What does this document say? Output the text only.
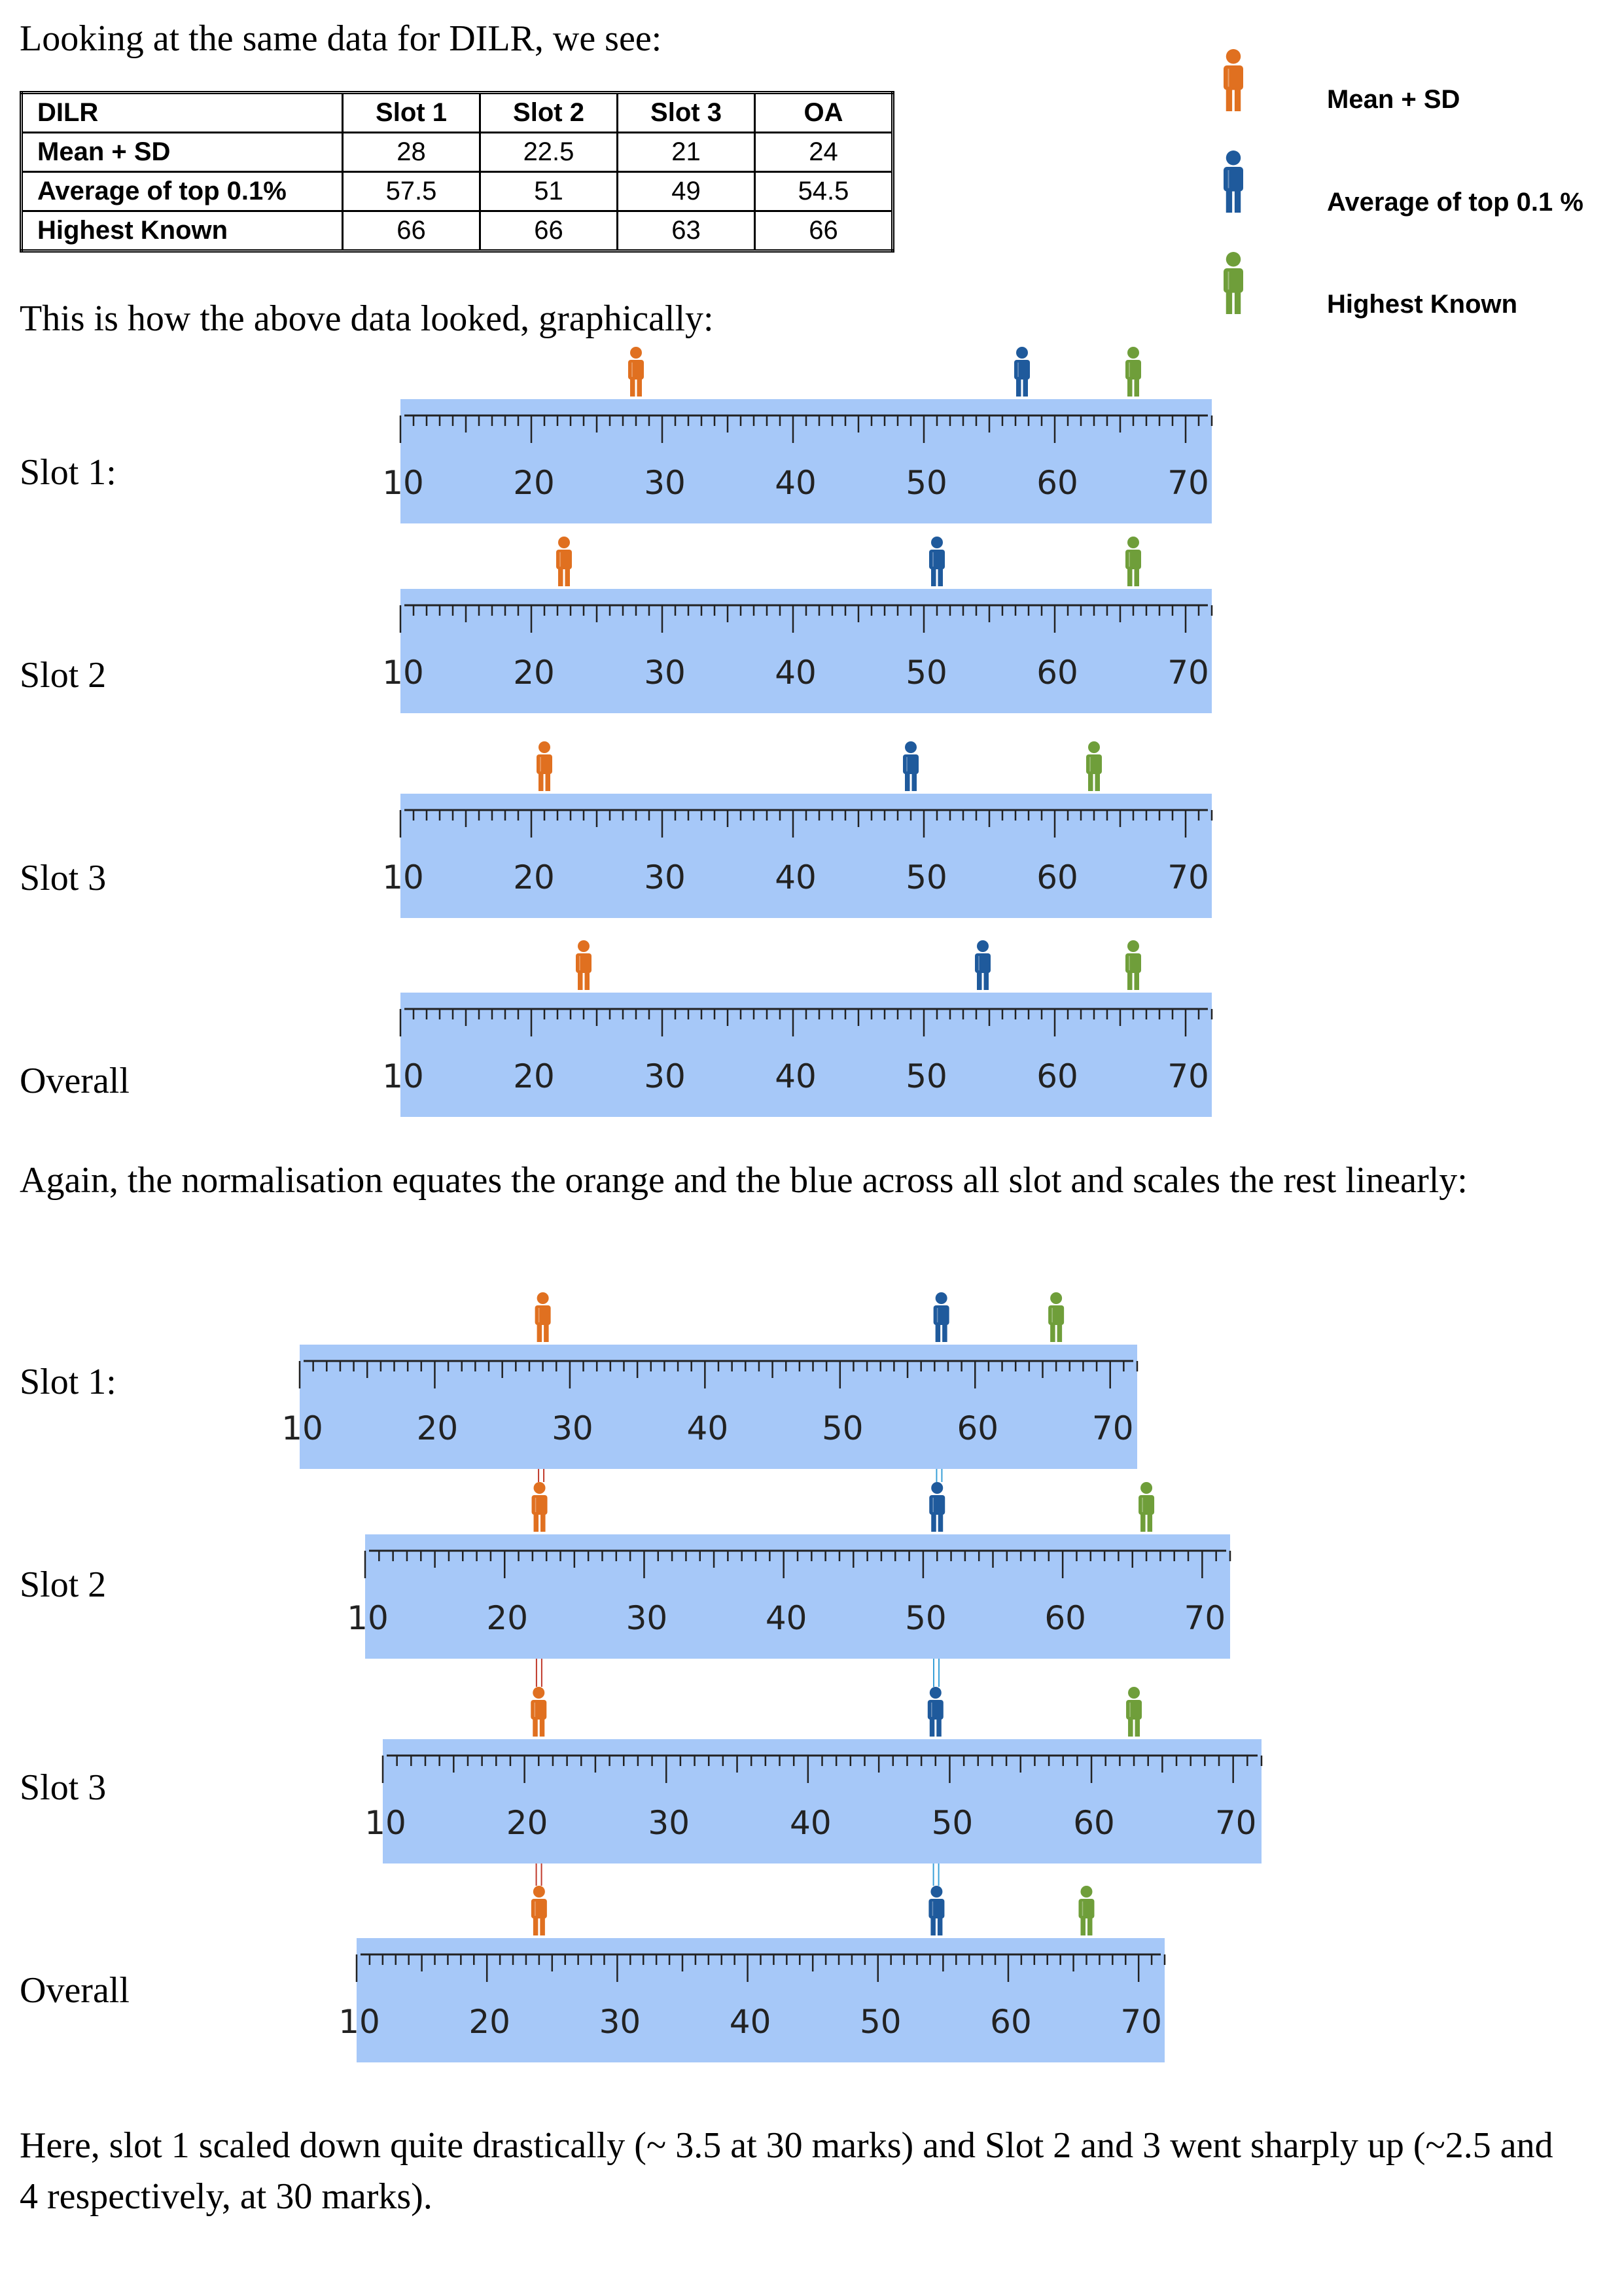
Looking at the same data for DILR, we see:
DILR	Slot 1	Slot 2	Slot 3	OA
Mean + SD	28	22.5	21	24
Average of top 0.1%	57.5	51	49	54.5
Highest Known	66	66	63	66
Mean + SD
Average of top 0.1 %
Highest Known
This is how the above data looked, graphically:
Slot 1:
Slot 2
Slot 3
Overall
10	20	30	40	50	60	70
10	20	30	40	50	60	70
10	20	30	40	50	60	70
10	20	30	40	50	60	70
Again, the normalisation equates the orange and the blue across all slot and scales the rest linearly:
Slot 1:
Slot 2
Slot 3
Overall
10	20	30	40	50	60	70
10	20	30	40	50	60	70
10	20	30	40	50	60	70
10	20	30	40	50	60	70
Here, slot 1 scaled down quite drastically (~ 3.5 at 30 marks) and Slot 2 and 3 went sharply up (~2.5 and
4 respectively, at 30 marks).
